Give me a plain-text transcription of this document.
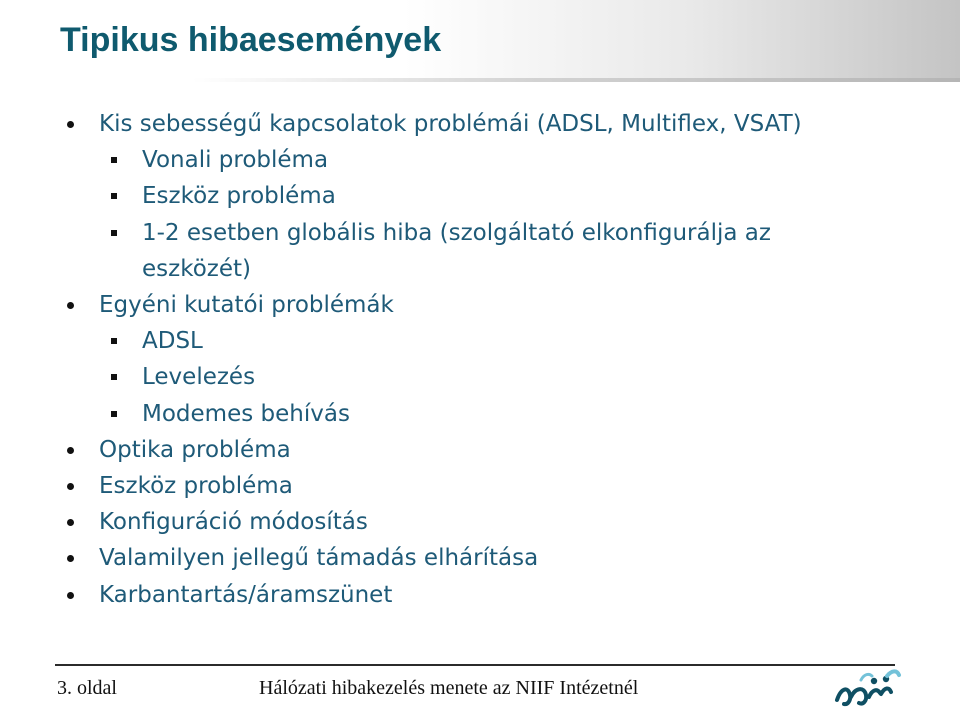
Tipikus hibaesemények
Kis sebességű kapcsolatok problémái (ADSL, Multiflex, VSAT)
Vonali probléma
Eszköz probléma
1-2 esetben globális hiba (szolgáltató elkonfigurálja az
eszközét)
Egyéni kutatói problémák
ADSL
Levelezés
Modemes behívás
Optika probléma
Eszköz probléma
Konfiguráció módosítás
Valamilyen jellegű támadás elhárítása
Karbantartás/áramszünet
3. oldal	Hálózati hibakezelés menete az NIIF Intézetnél
